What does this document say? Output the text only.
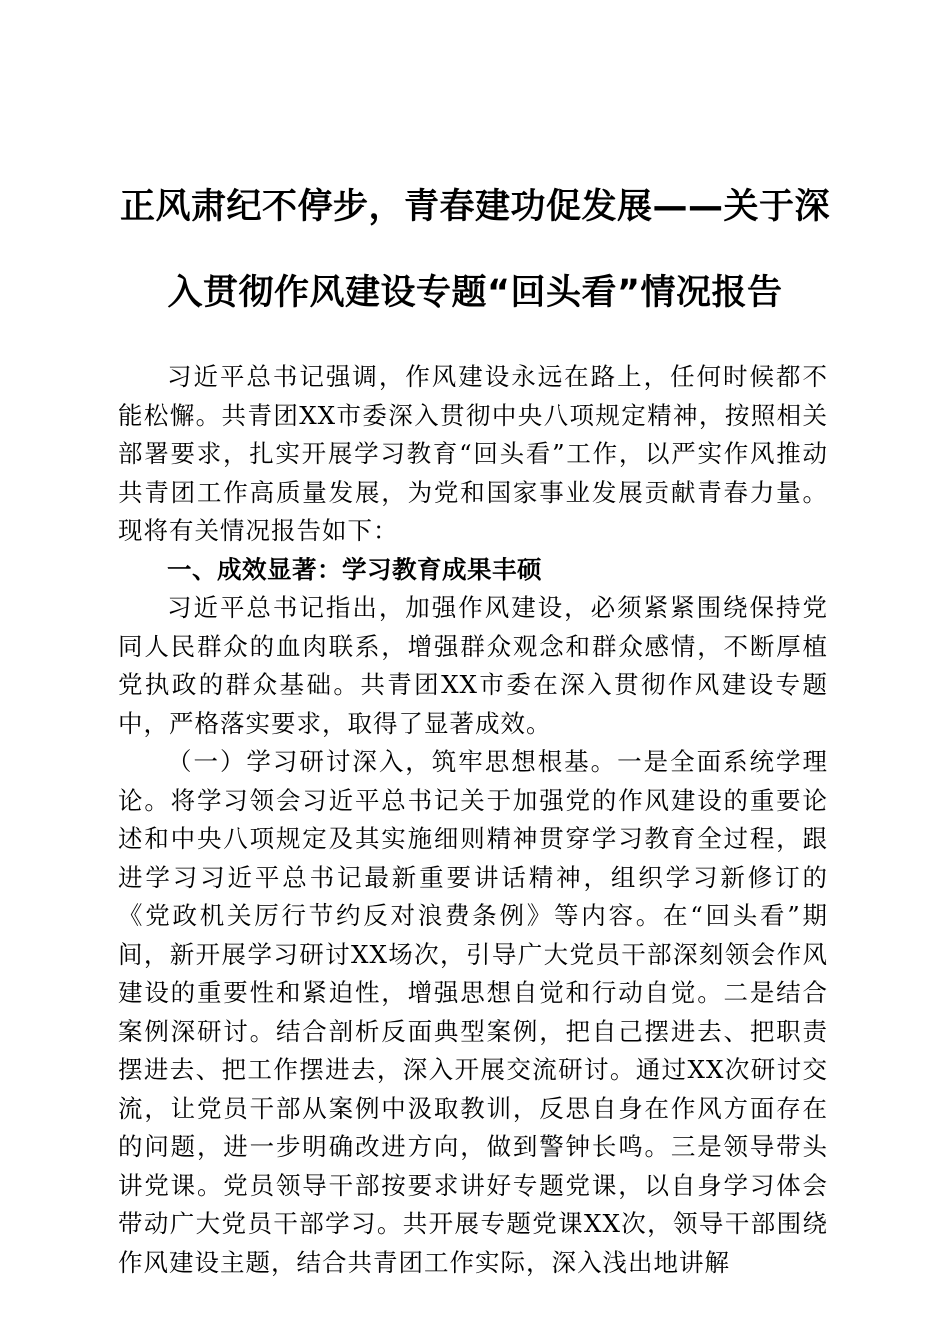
正风肃纪不停步，青春建功促发展——关于深
入贯彻作风建设专题“回头看”情况报告

习近平总书记强调，作风建设永远在路上，任何时候都不能松懈。共青团XX市委深入贯彻中央八项规定精神，按照相关部署要求，扎实开展学习教育“回头看”工作，以严实作风推动共青团工作高质量发展，为党和国家事业发展贡献青春力量。现将有关情况报告如下：

一、成效显著：学习教育成果丰硕

习近平总书记指出，加强作风建设，必须紧紧围绕保持党同人民群众的血肉联系，增强群众观念和群众感情，不断厚植党执政的群众基础。共青团XX市委在深入贯彻作风建设专题中，严格落实要求，取得了显著成效。

（一）学习研讨深入，筑牢思想根基。一是全面系统学理论。将学习领会习近平总书记关于加强党的作风建设的重要论述和中央八项规定及其实施细则精神贯穿学习教育全过程，跟进学习习近平总书记最新重要讲话精神，组织学习新修订的《党政机关厉行节约反对浪费条例》等内容。在“回头看”期间，新开展学习研讨XX场次，引导广大党员干部深刻领会作风建设的重要性和紧迫性，增强思想自觉和行动自觉。二是结合案例深研讨。结合剖析反面典型案例，把自己摆进去、把职责摆进去、把工作摆进去，深入开展交流研讨。通过XX次研讨交流，让党员干部从案例中汲取教训，反思自身在作风方面存在的问题，进一步明确改进方向，做到警钟长鸣。三是领导带头讲党课。党员领导干部按要求讲好专题党课，以自身学习体会带动广大党员干部学习。共开展专题党课XX次，领导干部围绕作风建设主题，结合共青团工作实际，深入浅出地讲解
